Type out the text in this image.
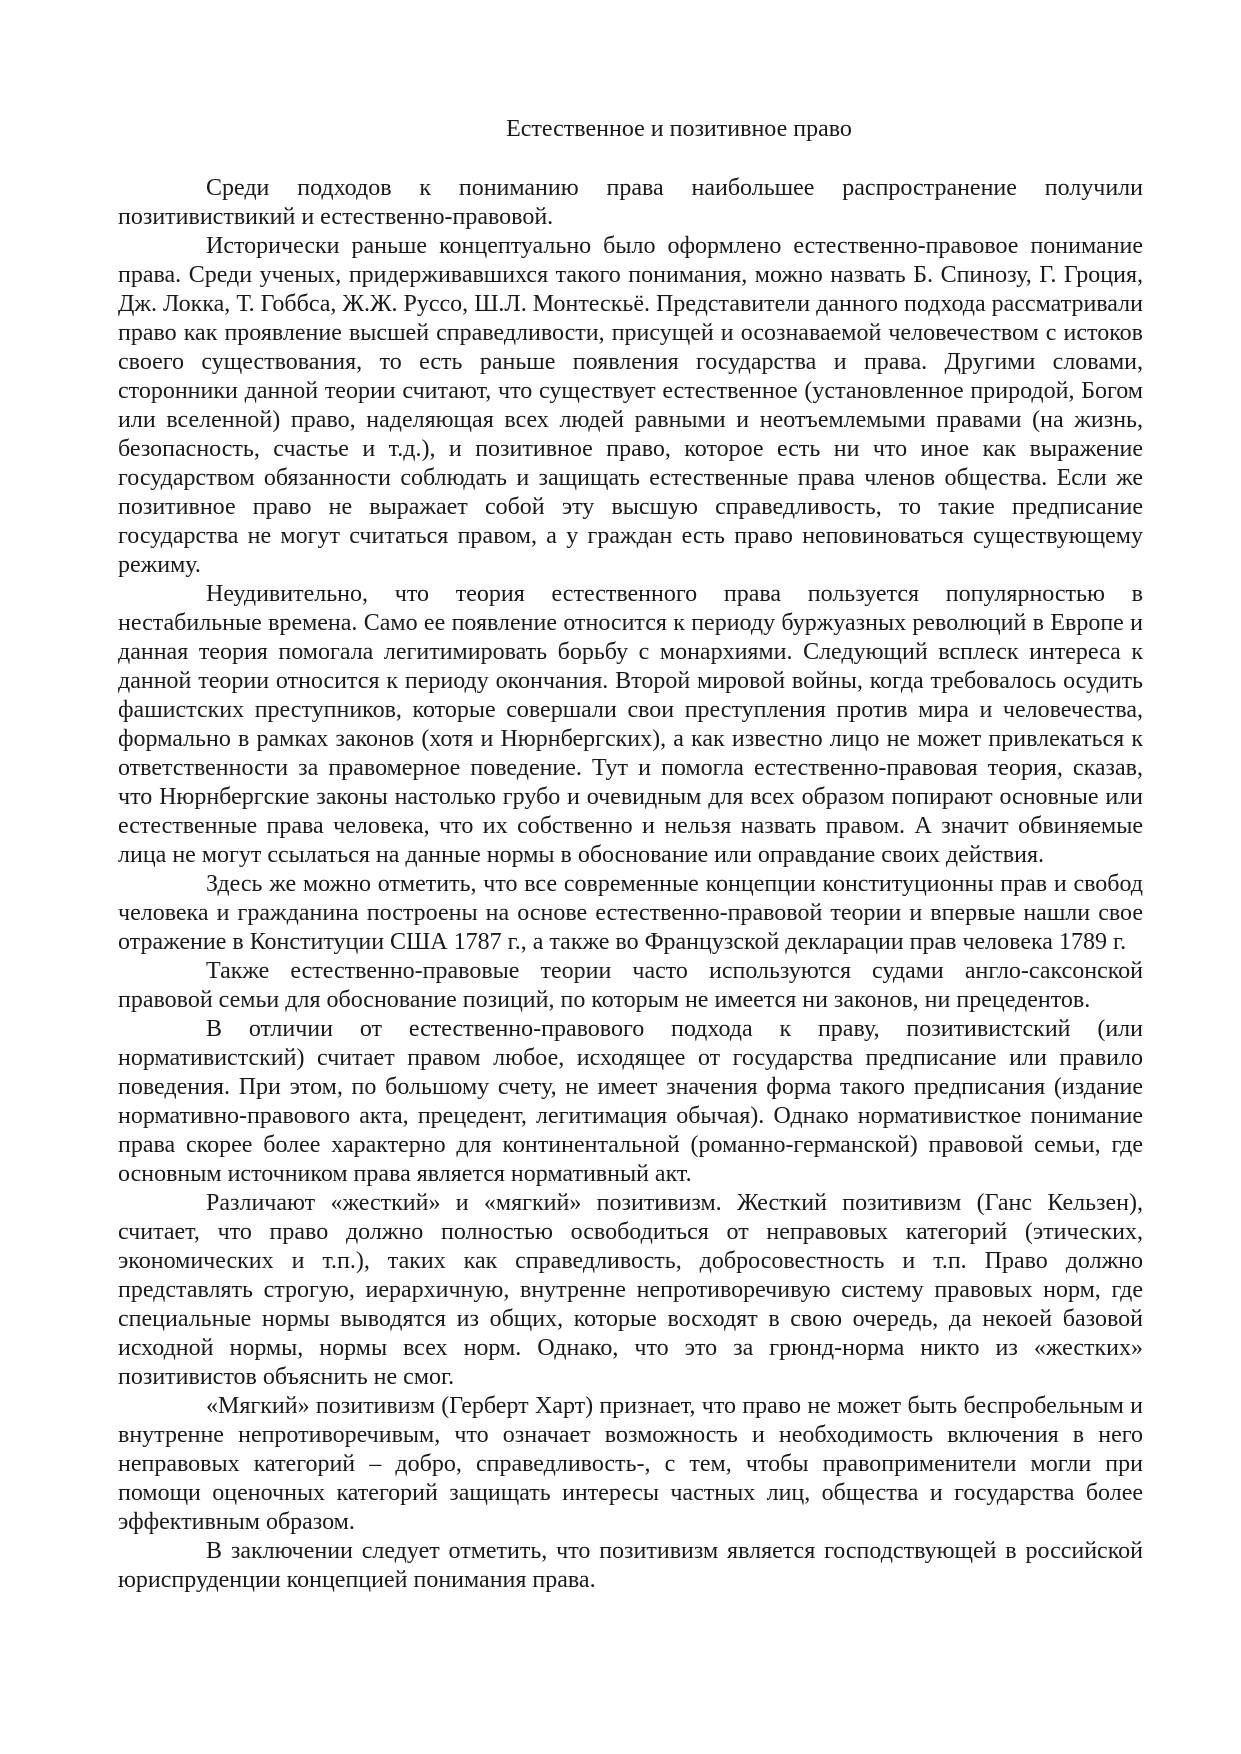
Естественное и позитивное право

Среди подходов к пониманию права наибольшее распространение получили позитивиствикий и естественно-правовой.

Исторически раньше концептуально было оформлено естественно-правовое понимание права. Среди ученых, придерживавшихся такого понимания, можно назвать Б. Спинозу, Г. Гроция, Дж. Локка, Т. Гоббса, Ж.Ж. Руссо, Ш.Л. Монтескьё. Представители данного подхода рассматривали право как проявление высшей справедливости, присущей и осознаваемой человечеством с истоков своего существования, то есть раньше появления государства и права. Другими словами, сторонники данной теории считают, что существует естественное (установленное природой, Богом или вселенной) право, наделяющая всех людей равными и неотъемлемыми правами (на жизнь, безопасность, счастье и т.д.), и позитивное право, которое есть ни что иное как выражение государством обязанности соблюдать и защищать естественные права членов общества. Если же позитивное право не выражает собой эту высшую справедливость, то такие предписание государства не могут считаться правом, а у граждан есть право неповиноваться существующему режиму.

Неудивительно, что теория естественного права пользуется популярностью в нестабильные времена. Само ее появление относится к периоду буржуазных революций в Европе и данная теория помогала легитимировать борьбу с монархиями. Следующий всплеск интереса к данной теории относится к периоду окончания. Второй мировой войны, когда требовалось осудить фашистских преступников, которые совершали свои преступления против мира и человечества, формально в рамках законов (хотя и Нюрнбергских), а как известно лицо не может привлекаться к ответственности за правомерное поведение. Тут и помогла естественно-правовая теория, сказав, что Нюрнбергские законы настолько грубо и очевидным для всех образом попирают основные или естественные права человека, что их собственно и нельзя назвать правом. А значит обвиняемые лица не могут ссылаться на данные нормы в обоснование или оправдание своих действия.

Здесь же можно отметить, что все современные концепции конституционны прав и свобод человека и гражданина построены на основе естественно-правовой теории и впервые нашли свое отражение в Конституции США 1787 г., а также во Французской декларации прав человека 1789 г.

Также естественно-правовые теории часто используются судами англо-саксонской правовой семьи для обоснование позиций, по которым не имеется ни законов, ни прецедентов.

В отличии от естественно-правового подхода к праву, позитивистский (или нормативистский) считает правом любое, исходящее от государства предписание или правило поведения. При этом, по большому счету, не имеет значения форма такого предписания (издание нормативно-правового акта, прецедент, легитимация обычая). Однако нормативисткое понимание права скорее более характерно для континентальной (романно-германской) правовой семьи, где основным источником права является нормативный акт.

Различают «жесткий» и «мягкий» позитивизм. Жесткий позитивизм (Ганс Кельзен), считает, что право должно полностью освободиться от неправовых категорий (этических, экономических и т.п.), таких как справедливость, добросовестность и т.п. Право должно представлять строгую, иерархичную, внутренне непротиворечивую систему правовых норм, где специальные нормы выводятся из общих, которые восходят в свою очередь, да некоей базовой исходной нормы, нормы всех норм. Однако, что это за грюнд-норма никто из «жестких» позитивистов объяснить не смог.

«Мягкий» позитивизм (Герберт Харт) признает, что право не может быть беспробельным и внутренне непротиворечивым, что означает возможность и необходимость включения в него неправовых категорий – добро, справедливость-, с тем, чтобы правоприменители могли при помощи оценочных категорий защищать интересы частных лиц, общества и государства более эффективным образом.

В заключении следует отметить, что позитивизм является господствующей в российской юриспруденции концепцией понимания права.
